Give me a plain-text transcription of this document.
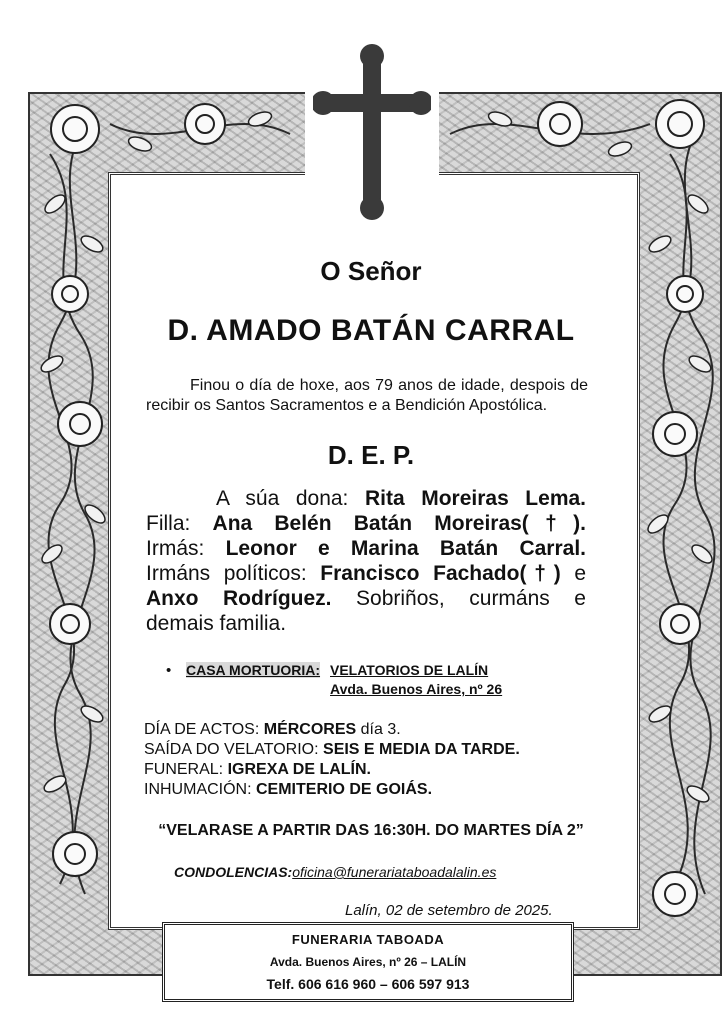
O Señor
D. AMADO BATÁN CARRAL
Finou o día de hoxe, aos 79 anos de idade, despois de recibir os Santos Sacramentos e a Bendición Apostólica.
D. E. P.
A súa dona: Rita Moreiras Lema.
Filla: Ana Belén Batán Moreiras(†).
Irmás: Leonor e Marina Batán Carral.
Irmáns políticos: Francisco Fachado(†) e
Anxo Rodríguez. Sobriños, curmáns e
demais familia.
• CASA MORTUORIA: VELATORIOS DE LALÍN
Avda. Buenos Aires, nº 26
DÍA DE ACTOS: MÉRCORES día 3.
SAÍDA DO VELATORIO: SEIS E MEDIA DA TARDE.
FUNERAL: IGREXA DE LALÍN.
INHUMACIÓN: CEMITERIO DE GOIÁS.
“VELARASE A PARTIR DAS 16:30H. DO MARTES DÍA 2”
CONDOLENCIAS:oficina@funerariataboadalalin.es
Lalín, 02 de setembro de 2025.
FUNERARIA TABOADA
Avda. Buenos Aires, nº 26 – LALÍN
Telf. 606 616 960 – 606 597 913
